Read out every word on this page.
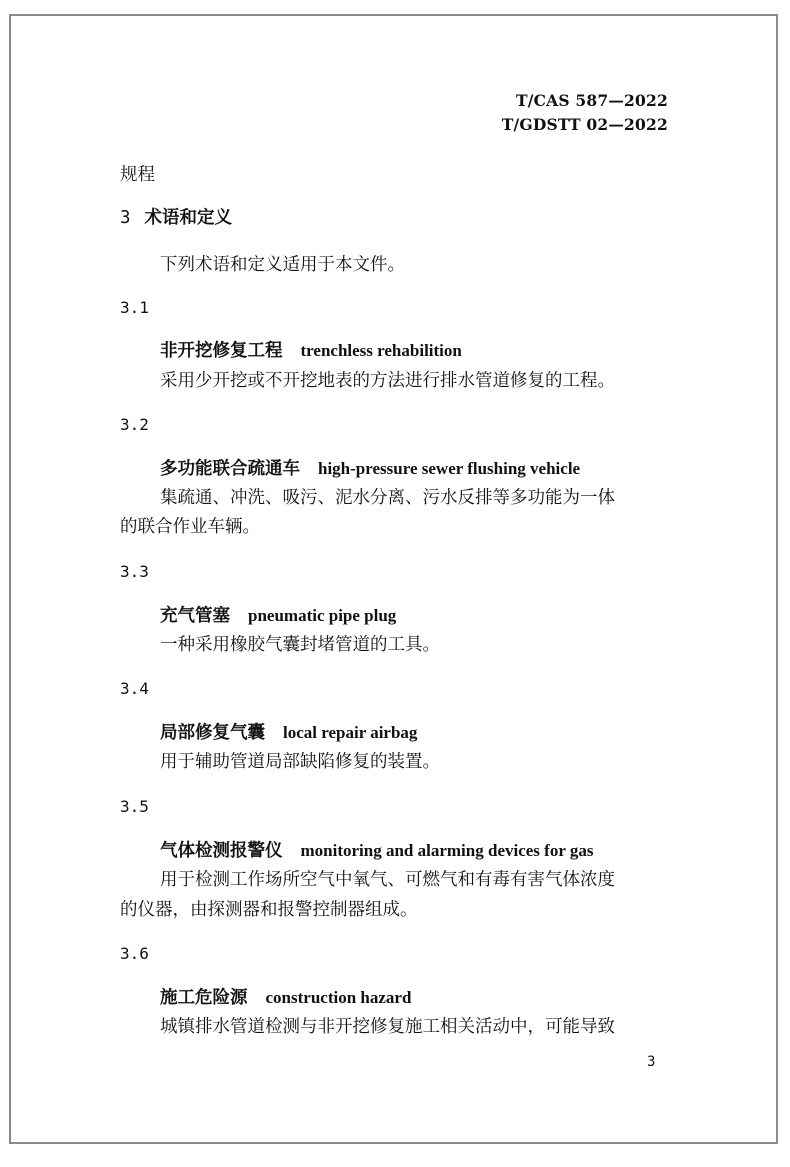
T/CAS 587—2022
T/GDSTT 02—2022
规程
3 术语和定义
下列术语和定义适用于本文件。
3.1
非开挖修复工程 trenchless rehabilition
采用少开挖或不开挖地表的方法进行排水管道修复的工程。
3.2
多功能联合疏通车 high-pressure sewer flushing vehicle
集疏通、冲洗、吸污、泥水分离、污水反排等多功能为一体
的联合作业车辆。
3.3
充气管塞 pneumatic pipe plug
一种采用橡胶气囊封堵管道的工具。
3.4
局部修复气囊 local repair airbag
用于辅助管道局部缺陷修复的装置。
3.5
气体检测报警仪 monitoring and alarming devices for gas
用于检测工作场所空气中氧气、可燃气和有毒有害气体浓度
的仪器，由探测器和报警控制器组成。
3.6
施工危险源 construction hazard
城镇排水管道检测与非开挖修复施工相关活动中，可能导致
3
